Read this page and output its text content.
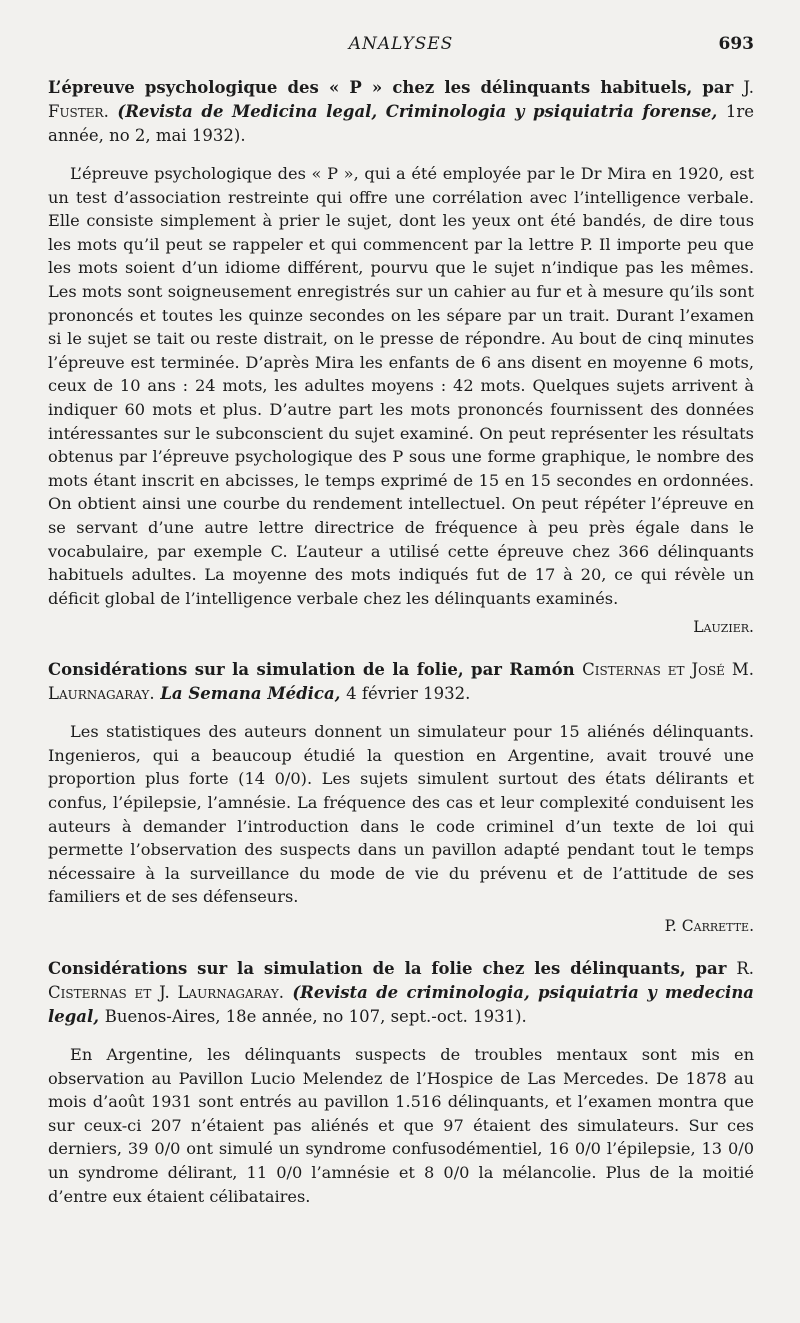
ANALYSES	693

L’épreuve psychologique des « P » chez les délinquants habituels, par J. Fuster. (Revista de Medicina legal, Criminologia y psiquiatria forense, 1re année, no 2, mai 1932).

L’épreuve psychologique des « P », qui a été employée par le Dr Mira en 1920, est un test d’association restreinte qui offre une corrélation avec l’intelligence verbale. Elle consiste simplement à prier le sujet, dont les yeux ont été bandés, de dire tous les mots qu’il peut se rappeler et qui commencent par la lettre P. Il importe peu que les mots soient d’un idiome différent, pourvu que le sujet n’indique pas les mêmes. Les mots sont soigneusement enregistrés sur un cahier au fur et à mesure qu’ils sont prononcés et toutes les quinze secondes on les sépare par un trait. Durant l’examen si le sujet se tait ou reste distrait, on le presse de répondre. Au bout de cinq minutes l’épreuve est terminée. D’après Mira les enfants de 6 ans disent en moyenne 6 mots, ceux de 10 ans : 24 mots, les adultes moyens : 42 mots. Quelques sujets arrivent à indiquer 60 mots et plus. D’autre part les mots prononcés fournissent des données intéressantes sur le subconscient du sujet examiné. On peut représenter les résultats obtenus par l’épreuve psychologique des P sous une forme graphique, le nombre des mots étant inscrit en abcisses, le temps exprimé de 15 en 15 secondes en ordonnées. On obtient ainsi une courbe du rendement intellectuel. On peut répéter l’épreuve en se servant d’une autre lettre directrice de fréquence à peu près égale dans le vocabulaire, par exemple C. L’auteur a utilisé cette épreuve chez 366 délinquants habituels adultes. La moyenne des mots indiqués fut de 17 à 20, ce qui révèle un déficit global de l’intelligence verbale chez les délinquants examinés.

Lauzier.

Considérations sur la simulation de la folie, par Ramón Cisternas et José M. Laurnagaray. La Semana Médica, 4 février 1932.

Les statistiques des auteurs donnent un simulateur pour 15 aliénés délinquants. Ingenieros, qui a beaucoup étudié la question en Argentine, avait trouvé une proportion plus forte (14 0/0). Les sujets simulent surtout des états délirants et confus, l’épilepsie, l’amnésie. La fréquence des cas et leur complexité conduisent les auteurs à demander l’introduction dans le code criminel d’un texte de loi qui permette l’observation des suspects dans un pavillon adapté pendant tout le temps nécessaire à la surveillance du mode de vie du prévenu et de l’attitude de ses familiers et de ses défenseurs.

P. Carrette.

Considérations sur la simulation de la folie chez les délinquants, par R. Cisternas et J. Laurnagaray. (Revista de criminologia, psiquiatria y medecina legal, Buenos-Aires, 18e année, no 107, sept.-oct. 1931).

En Argentine, les délinquants suspects de troubles mentaux sont mis en observation au Pavillon Lucio Melendez de l’Hospice de Las Mercedes. De 1878 au mois d’août 1931 sont entrés au pavillon 1.516 délinquants, et l’examen montra que sur ceux-ci 207 n’étaient pas aliénés et que 97 étaient des simulateurs. Sur ces derniers, 39 0/0 ont simulé un syndrome confusodémentiel, 16 0/0 l’épilepsie, 13 0/0 un syndrome délirant, 11 0/0 l’amnésie et 8 0/0 la mélancolie. Plus de la moitié d’entre eux étaient célibataires.
